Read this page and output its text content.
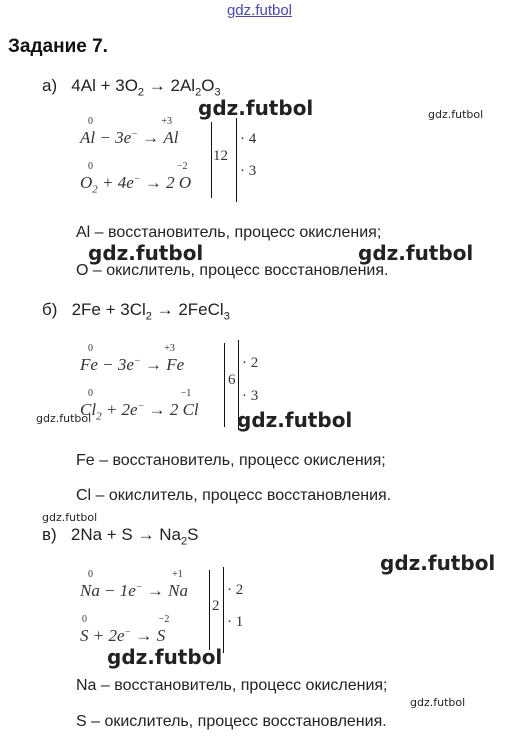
gdz.futbol
Задание 7.
а) $4Al + 3O_2 \to 2Al_2O_3$
0
Al − 3e− →
+3
Al
0
$O_2 + 4e^- \to 2$
−2
O
12
· 4
· 3
Al – восстановитель, процесс окисления;
O – окислитель, процесс восстановления.
б) $2Fe + 3Cl_2$ → 2FeCl$_3$
0
Fe − 3e− →
+3
Fe
0
$Cl_2 + 2e^- \to 2$
−1
Cl
6
· 2
· 3
Fe – восстановитель, процесс окисления;
Cl – окислитель, процесс восстановления.
в) $2Na + S \to Na_2S$
0
Na − 1e− →
+1
Na
0
S + 2e− →
−2
S
2
· 2
· 1
Na – восстановитель, процесс окисления;
S – окислитель, процесс восстановления.
gdz.futbol	gdz.futbol
gdz.futbol	gdz.futbol
gdz.futbol	gdz.futbol
gdz.futbol
gdz.futbol
gdz.futbol
gdz.futbol
